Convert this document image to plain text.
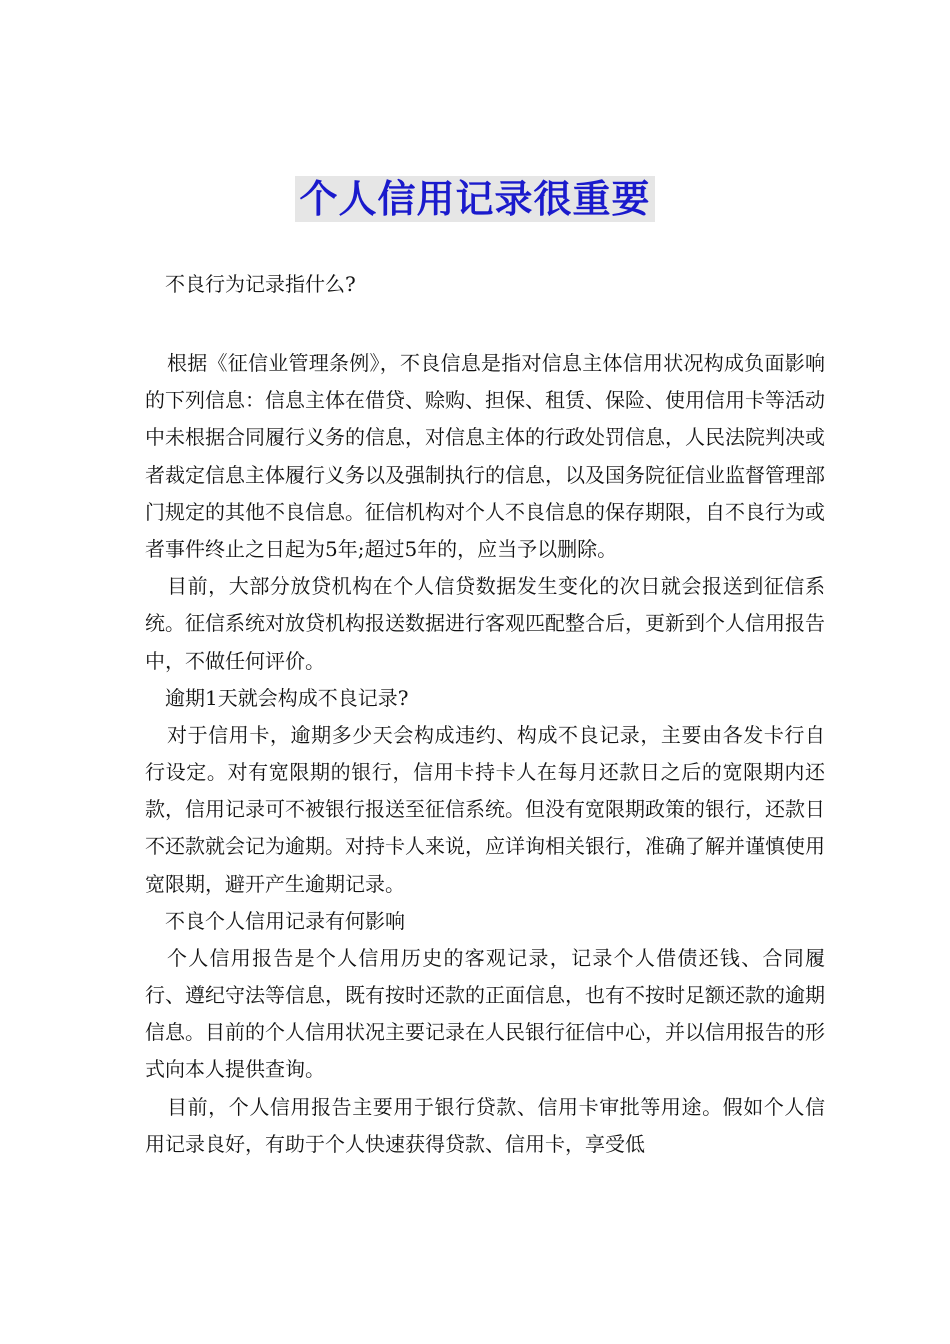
个人信用记录很重要

不良行为记录指什么?

根据《征信业管理条例》，不良信息是指对信息主体信用状况构成负面影响的下列信息：信息主体在借贷、赊购、担保、租赁、保险、使用信用卡等活动中未根据合同履行义务的信息，对信息主体的行政处罚信息，人民法院判决或者裁定信息主体履行义务以及强制执行的信息，以及国务院征信业监督管理部门规定的其他不良信息。征信机构对个人不良信息的保存期限，自不良行为或者事件终止之日起为5年;超过5年的，应当予以删除。

目前，大部分放贷机构在个人信贷数据发生变化的次日就会报送到征信系统。征信系统对放贷机构报送数据进行客观匹配整合后，更新到个人信用报告中，不做任何评价。

逾期1天就会构成不良记录?

对于信用卡，逾期多少天会构成违约、构成不良记录，主要由各发卡行自行设定。对有宽限期的银行，信用卡持卡人在每月还款日之后的宽限期内还款，信用记录可不被银行报送至征信系统。但没有宽限期政策的银行，还款日不还款就会记为逾期。对持卡人来说，应详询相关银行，准确了解并谨慎使用宽限期，避开产生逾期记录。

不良个人信用记录有何影响

个人信用报告是个人信用历史的客观记录，记录个人借债还钱、合同履行、遵纪守法等信息，既有按时还款的正面信息，也有不按时足额还款的逾期信息。目前的个人信用状况主要记录在人民银行征信中心，并以信用报告的形式向本人提供查询。

目前，个人信用报告主要用于银行贷款、信用卡审批等用途。假如个人信用记录良好，有助于个人快速获得贷款、信用卡，享受低
